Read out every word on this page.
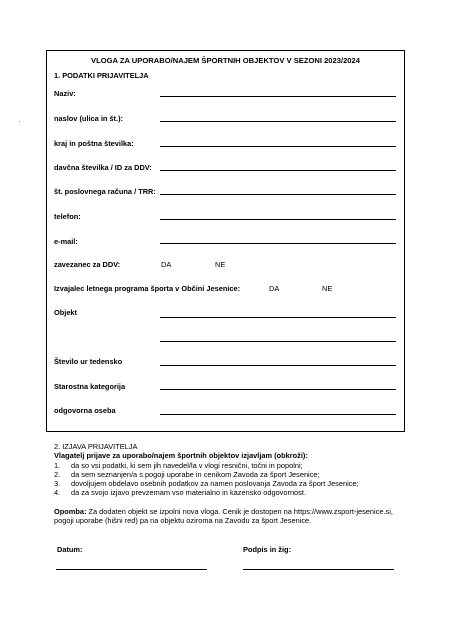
VLOGA ZA UPORABO/NAJEM ŠPORTNIH OBJEKTOV V SEZONI 2023/2024
1. PODATKI PRIJAVITELJA
Naziv:
naslov (ulica in št.):
kraj in poštna številka:
davčna številka / ID za DDV:
št. poslovnega računa / TRR:
telefon:
e-mail:
zavezanec za DDV:	DA	NE
Izvajalec letnega programa športa v Občini Jesenice:	DA	NE
Objekt
Število ur tedensko
Starostna kategorija
odgovorna oseba
2. IZJAVA PRIJAVITELJA
Vlagatelj prijave za uporabo/najem športnih objektov izjavljam (obkroži):
1. da so vsi podatki, ki sem jih navedel/la v vlogi resnični, točni in popolni;
2. da sem seznanjen/a s pogoji uporabe in cenikom Zavoda za šport Jesenice;
3. dovoljujem obdelavo osebnih podatkov za namen poslovanja Zavoda za šport Jesenice;
4. da za svojo izjavo prevzemam vso materialno in kazensko odgovornost.
Opomba: Za dodaten objekt se izpolni nova vloga. Cenik je dostopen na https://www.zsport-jesenice.si,
pogoji uporabe (hišni red) pa na objektu oziroma na Zavodu za šport Jesenice.
Datum:	Podpis in žig:
